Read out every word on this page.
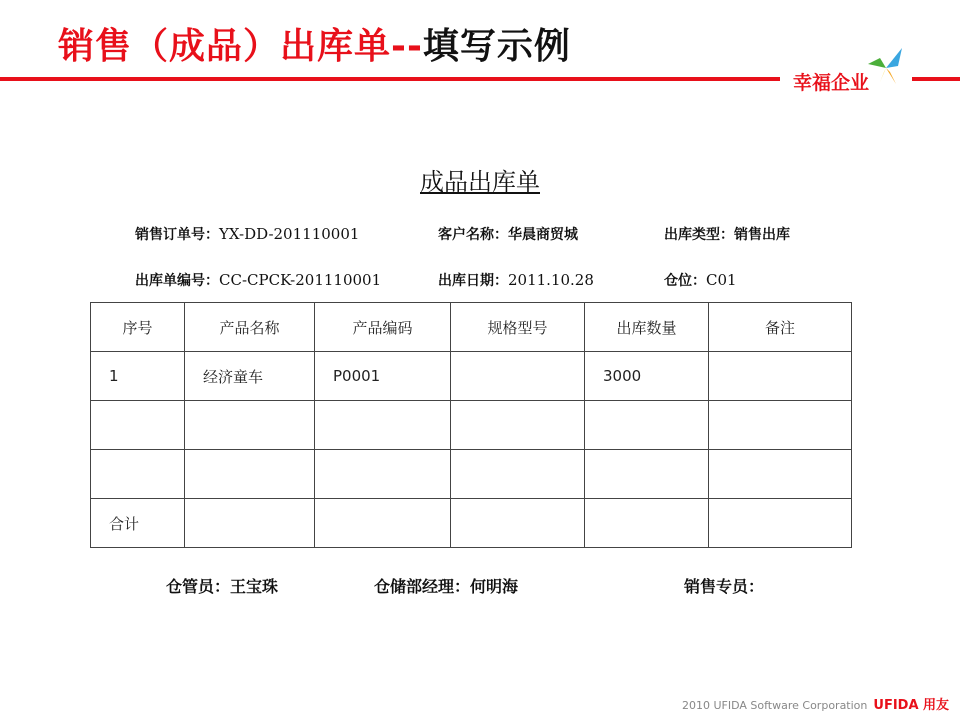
销售（成品）出库单--填写示例
幸福企业
成品出库单
销售订单号：YX-DD-201110001	客户名称：华晨商贸城	出库类型：销售出库
出库单编号：CC-CPCK-201110001	出库日期：2011.10.28	仓位：C01
序号	产品名称	产品编码	规格型号	出库数量	备注
1	经济童车	P0001		3000	

合计					
仓管员：王宝珠	仓储部经理：何明海	销售专员：
2010 UFIDA Software Corporation UFIDA 用友
